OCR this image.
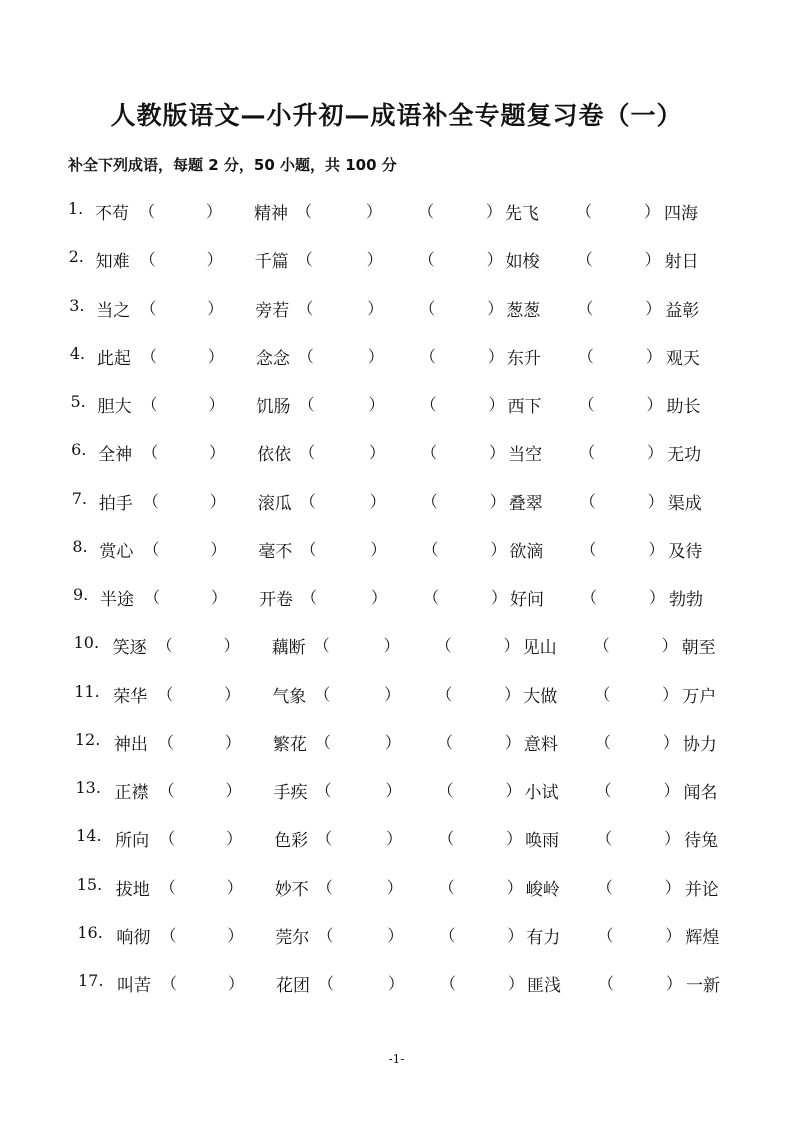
人教版语文—小升初—成语补全专题复习卷（一）
补全下列成语，每题 2 分，50 小题，共 100 分
1. 不苟 （	） 精神 （	） （	） 先飞 （	） 四海
2. 知难 （	） 千篇 （	） （	） 如梭 （	） 射日
3. 当之 （	） 旁若 （	） （	） 葱葱 （	） 益彰
4. 此起 （	） 念念 （	） （	） 东升 （	） 观天
5. 胆大 （	） 饥肠 （	） （	） 西下 （	） 助长
6. 全神 （	） 依依 （	） （	） 当空 （	） 无功
7. 拍手 （	） 滚瓜 （	） （	） 叠翠 （	） 渠成
8. 赏心 （	） 毫不 （	） （	） 欲滴 （	） 及待
9. 半途 （	） 开卷 （	） （	） 好问 （	） 勃勃
10. 笑逐 （	） 藕断 （	） （	） 见山 （	） 朝至
11. 荣华 （	） 气象 （	） （	） 大做 （	） 万户
12. 神出 （	） 繁花 （	） （	） 意料 （	） 协力
13. 正襟 （	） 手疾 （	） （	） 小试 （	） 闻名
14. 所向 （	） 色彩 （	） （	） 唤雨 （	） 待兔
15. 拔地 （	） 妙不 （	） （	） 峻岭 （	） 并论
16. 响彻 （	） 莞尔 （	） （	） 有力 （	） 辉煌
17. 叫苦 （	） 花团 （	） （	） 匪浅 （	） 一新
-1-
